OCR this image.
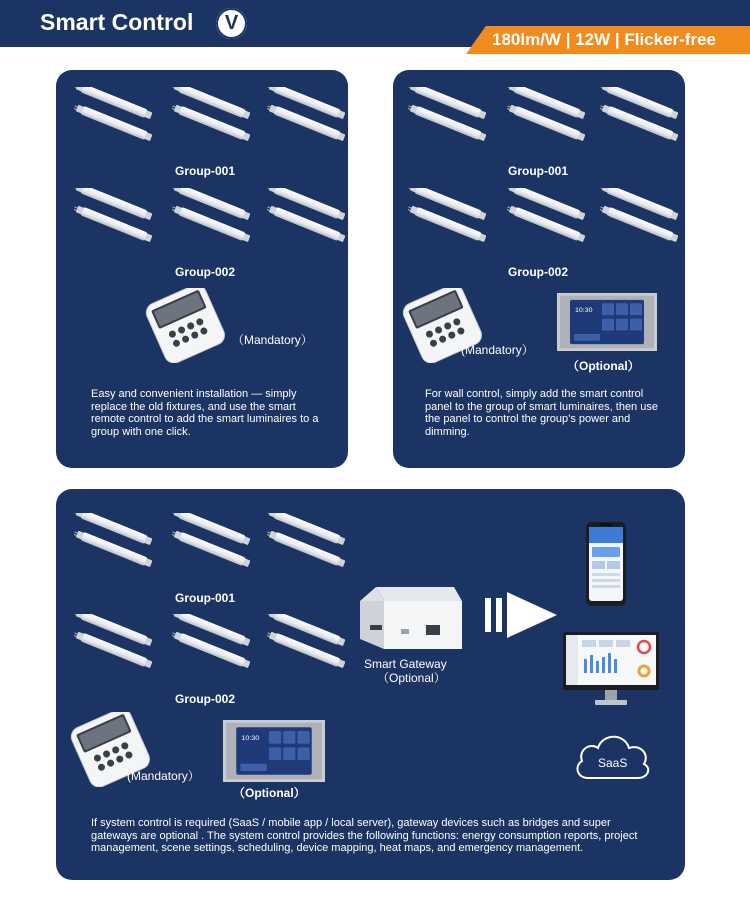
Smart Control	V
180lm/W | 12W | Flicker-free
Group-001
Group-002
（Mandatory）
Easy and convenient installation — simply replace the old fixtures, and use the smart remote control to add the smart luminaires to a group with one click.
Group-001
Group-002
(Mandatory）
10:30
（Optional）
For wall control, simply add the smart control panel to the group of smart luminaires, then use the panel to control the group’s power and dimming.
Group-001
Group-002
(Mandatory）
10:30
（Optional）
Smart Gateway
（Optional）
SaaS
If system control is required (SaaS / mobile app / local server), gateway devices such as bridges and super gateways are optional . The system control provides the following functions: energy consumption reports, project management, scene settings, scheduling, device mapping, heat maps, and emergency management.
